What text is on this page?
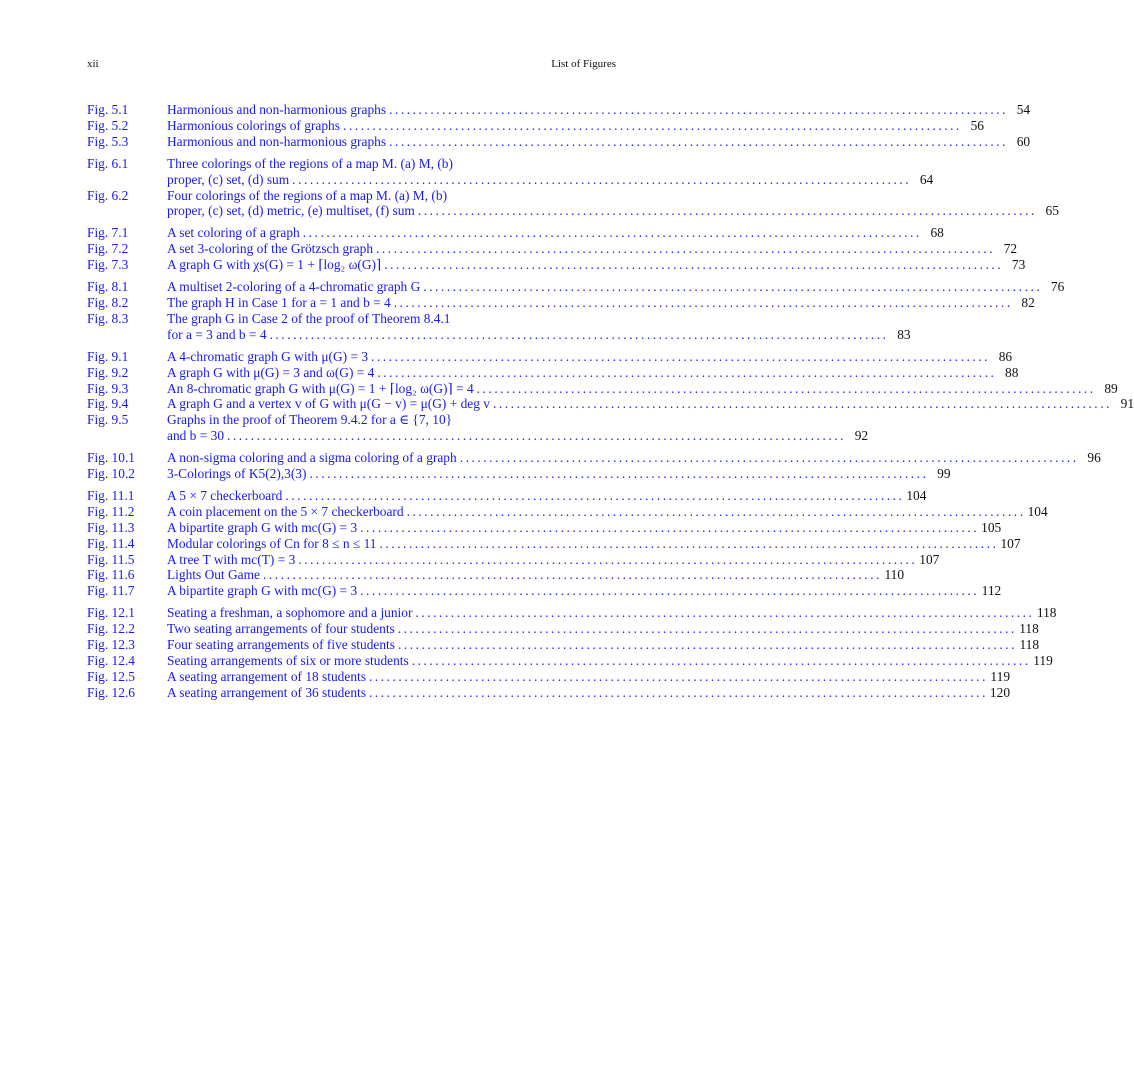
xii	List of Figures
Fig. 5.1	Harmonious and non-harmonious graphs . . .	54
Fig. 5.2	Harmonious colorings of graphs . . .	56
Fig. 5.3	Harmonious and non-harmonious graphs . . .	60
Fig. 6.1	Three colorings of the regions of a map M. (a) M, (b)
proper, (c) set, (d) sum . . .	64
Fig. 6.2	Four colorings of the regions of a map M. (a) M, (b)
proper, (c) set, (d) metric, (e) multiset, (f) sum . . .	65
Fig. 7.1	A set coloring of a graph . . .	68
Fig. 7.2	A set 3-coloring of the Grötzsch graph . . .	72
Fig. 7.3	A graph G with χs(G) = 1 + ⌈log₂ ω(G)⌉ . . .	73
Fig. 8.1	A multiset 2-coloring of a 4-chromatic graph G . . .	76
Fig. 8.2	The graph H in Case 1 for a = 1 and b = 4 . . .	82
Fig. 8.3	The graph G in Case 2 of the proof of Theorem 8.4.1
for a = 3 and b = 4 . . .	83
Fig. 9.1	A 4-chromatic graph G with μ(G) = 3 . . .	86
Fig. 9.2	A graph G with μ(G) = 3 and ω(G) = 4 . . .	88
Fig. 9.3	An 8-chromatic graph G with μ(G) = 1 + ⌈log₂ ω(G)⌉ = 4 . . .	89
Fig. 9.4	A graph G and a vertex v of G with μ(G − v) = μ(G) + deg v . . .	91
Fig. 9.5	Graphs in the proof of Theorem 9.4.2 for a ∈ {7, 10}
and b = 30 . . .	92
Fig. 10.1	A non-sigma coloring and a sigma coloring of a graph . . .	96
Fig. 10.2	3-Colorings of K5(2),3(3) . . .	99
Fig. 11.1	A 5 × 7 checkerboard . . .	104
Fig. 11.2	A coin placement on the 5 × 7 checkerboard . . .	104
Fig. 11.3	A bipartite graph G with mc(G) = 3 . . .	105
Fig. 11.4	Modular colorings of Cn for 8 ≤ n ≤ 11 . . .	107
Fig. 11.5	A tree T with mc(T) = 3 . . .	107
Fig. 11.6	Lights Out Game . . .	110
Fig. 11.7	A bipartite graph G with mc(G) = 3 . . .	112
Fig. 12.1	Seating a freshman, a sophomore and a junior . . .	118
Fig. 12.2	Two seating arrangements of four students . . .	118
Fig. 12.3	Four seating arrangements of five students . . .	118
Fig. 12.4	Seating arrangements of six or more students . . .	119
Fig. 12.5	A seating arrangement of 18 students . . .	119
Fig. 12.6	A seating arrangement of 36 students . . .	120
